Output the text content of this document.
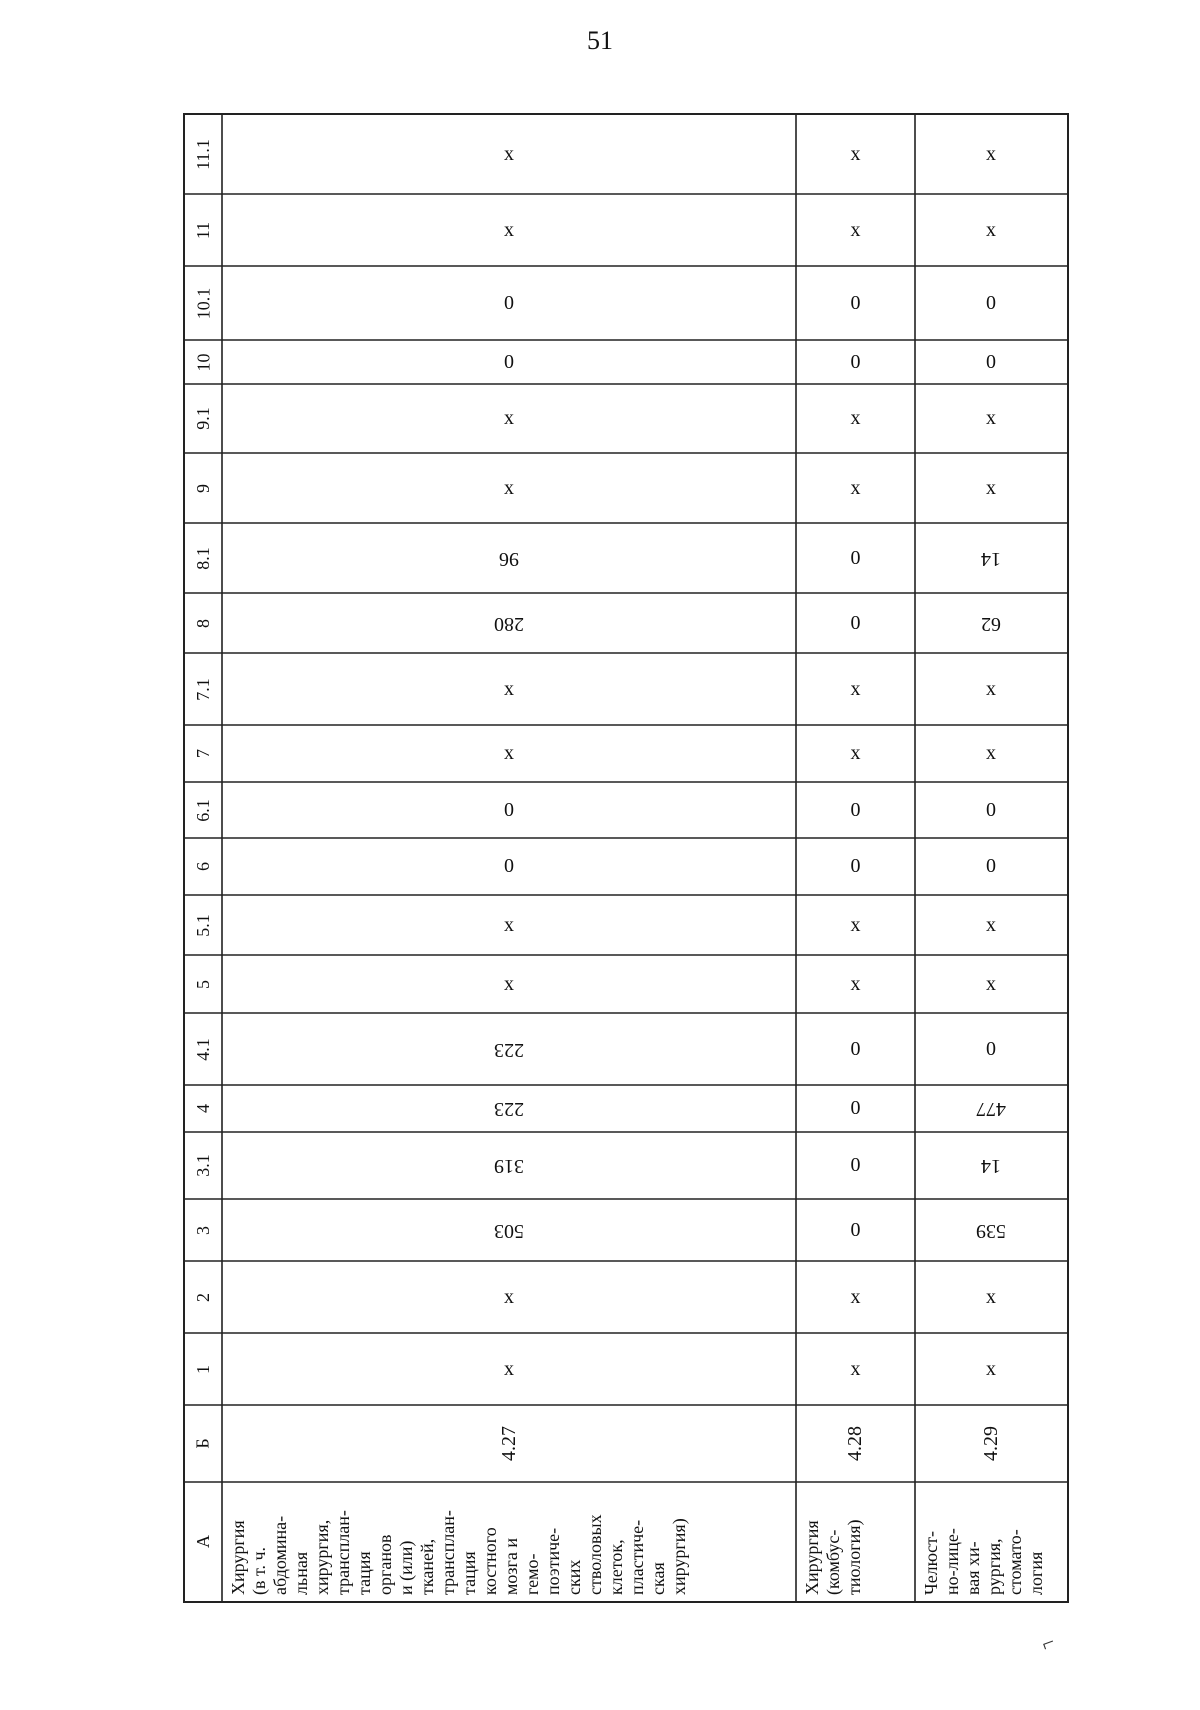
51
А
Б
1
2
3
3.1
4
4.1
5
5.1
6
6.1
7
7.1
8
8.1
9
9.1
10
10.1
11
11.1
Хирургия
(в т. ч.
абдомина-
льная
хирургия,
трансплан-
тация
органов
и (или)
тканей,
трансплан-
тация
костного
мозга и
гемо-
поэтиче-
ских
стволовых
клеток,
пластиче-
ская
хирургия)
4.27
x
x
503
319
223
223
x
x
0
0
x
x
280
96
x
x
0
0
x
x
Хирургия
(комбус-
тиология)
4.28
x
x
0
0
0
0
x
x
0
0
x
x
0
0
x
x
0
0
x
x
Челюст-
но-лице-
вая хи-
рургия,
стомато-
логия
4.29
x
x
539
14
477
0
x
x
0
0
x
x
62
14
x
x
0
0
x
x
⌐
